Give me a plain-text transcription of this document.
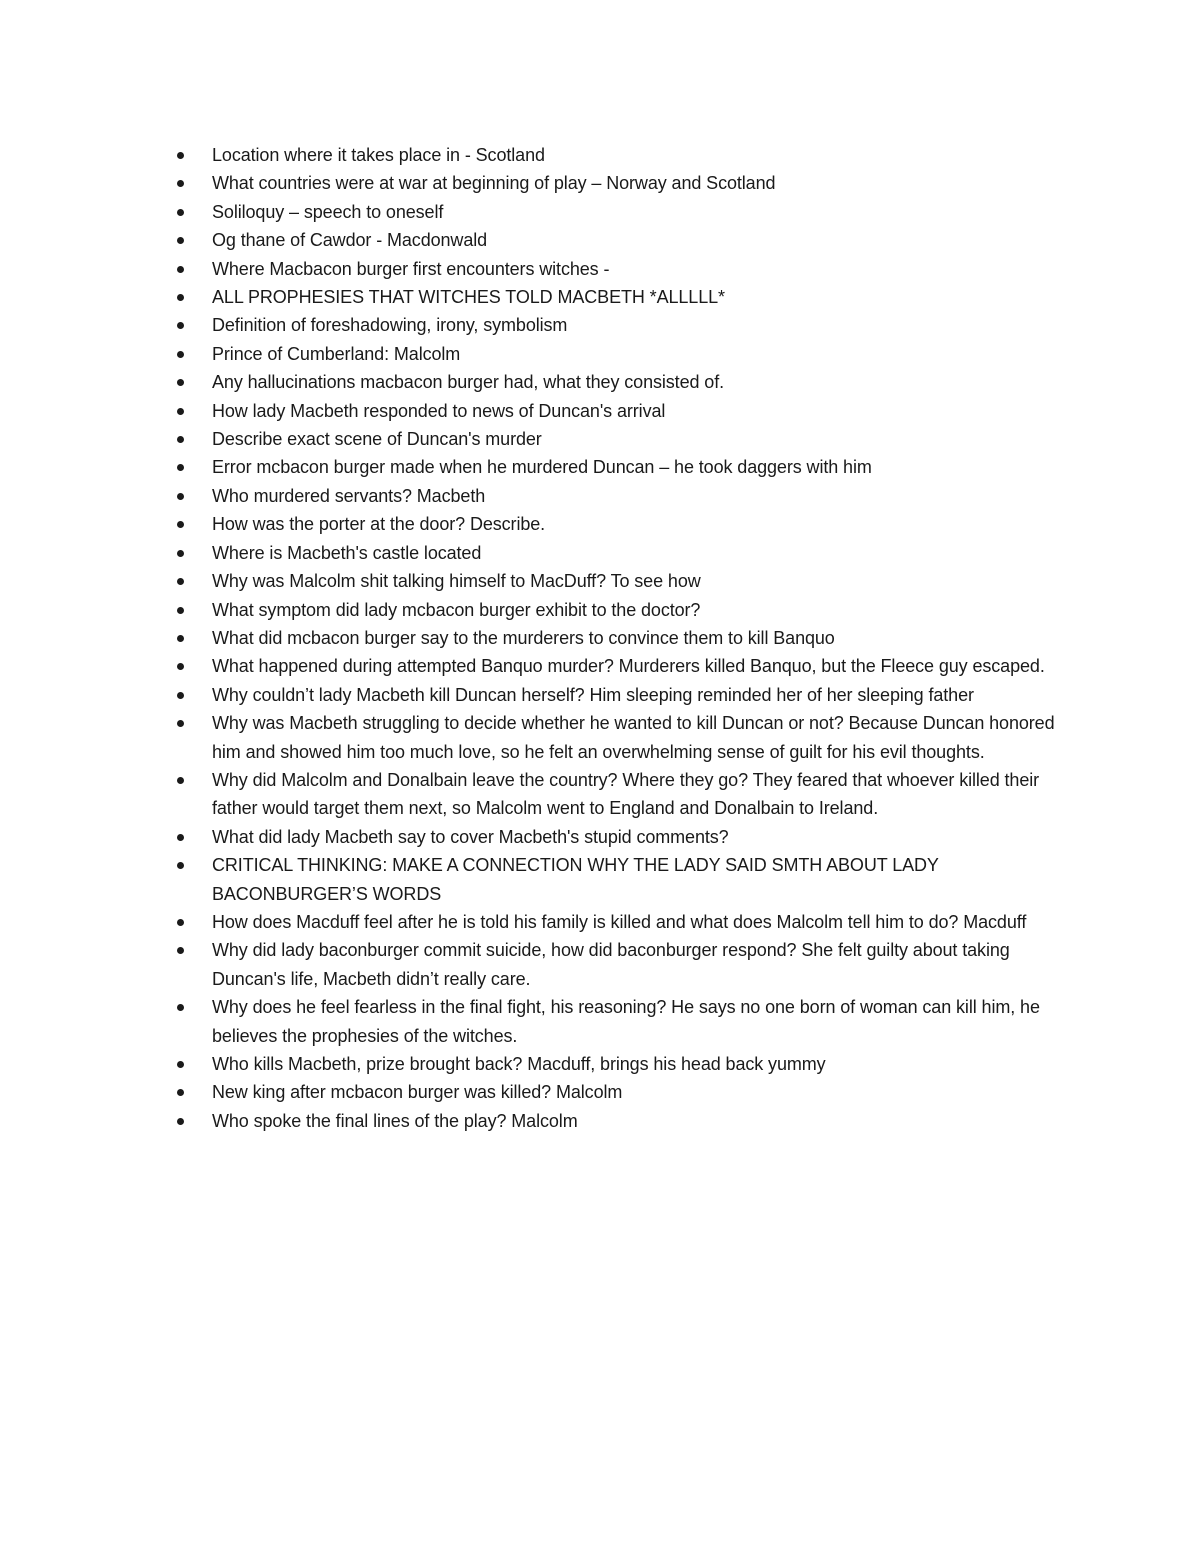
Location where it takes place in - Scotland
What countries were at war at beginning of play – Norway and Scotland
Soliloquy – speech to oneself
Og thane of Cawdor - Macdonwald
Where Macbacon burger first encounters witches -
ALL PROPHESIES THAT WITCHES TOLD MACBETH *ALLLLL*
Definition of foreshadowing, irony, symbolism
Prince of Cumberland: Malcolm
Any hallucinations macbacon burger had, what they consisted of.
How lady Macbeth responded to news of Duncan's arrival
Describe exact scene of Duncan's murder
Error mcbacon burger made when he murdered Duncan – he took daggers with him
Who murdered servants? Macbeth
How was the porter at the door? Describe.
Where is Macbeth's castle located
Why was Malcolm shit talking himself to MacDuff? To see how
What symptom did lady mcbacon burger exhibit to the doctor?
What did mcbacon burger say to the murderers to convince them to kill Banquo
What happened during attempted Banquo murder? Murderers killed Banquo, but the Fleece guy escaped.
Why couldn’t lady Macbeth kill Duncan herself? Him sleeping reminded her of her sleeping father
Why was Macbeth struggling to decide whether he wanted to kill Duncan or not? Because Duncan honored him and showed him too much love, so he felt an overwhelming sense of guilt for his evil thoughts.
Why did Malcolm and Donalbain leave the country? Where they go? They feared that whoever killed their father would target them next, so Malcolm went to England and Donalbain to Ireland.
What did lady Macbeth say to cover Macbeth's stupid comments?
CRITICAL THINKING: MAKE A CONNECTION WHY THE LADY SAID SMTH ABOUT LADY BACONBURGER’S WORDS
How does Macduff feel after he is told his family is killed and what does Malcolm tell him to do? Macduff
Why did lady baconburger commit suicide, how did baconburger respond? She felt guilty about taking Duncan's life, Macbeth didn’t really care.
Why does he feel fearless in the final fight, his reasoning? He says no one born of woman can kill him, he believes the prophesies of the witches.
Who kills Macbeth, prize brought back? Macduff, brings his head back yummy
New king after mcbacon burger was killed? Malcolm
Who spoke the final lines of the play? Malcolm
